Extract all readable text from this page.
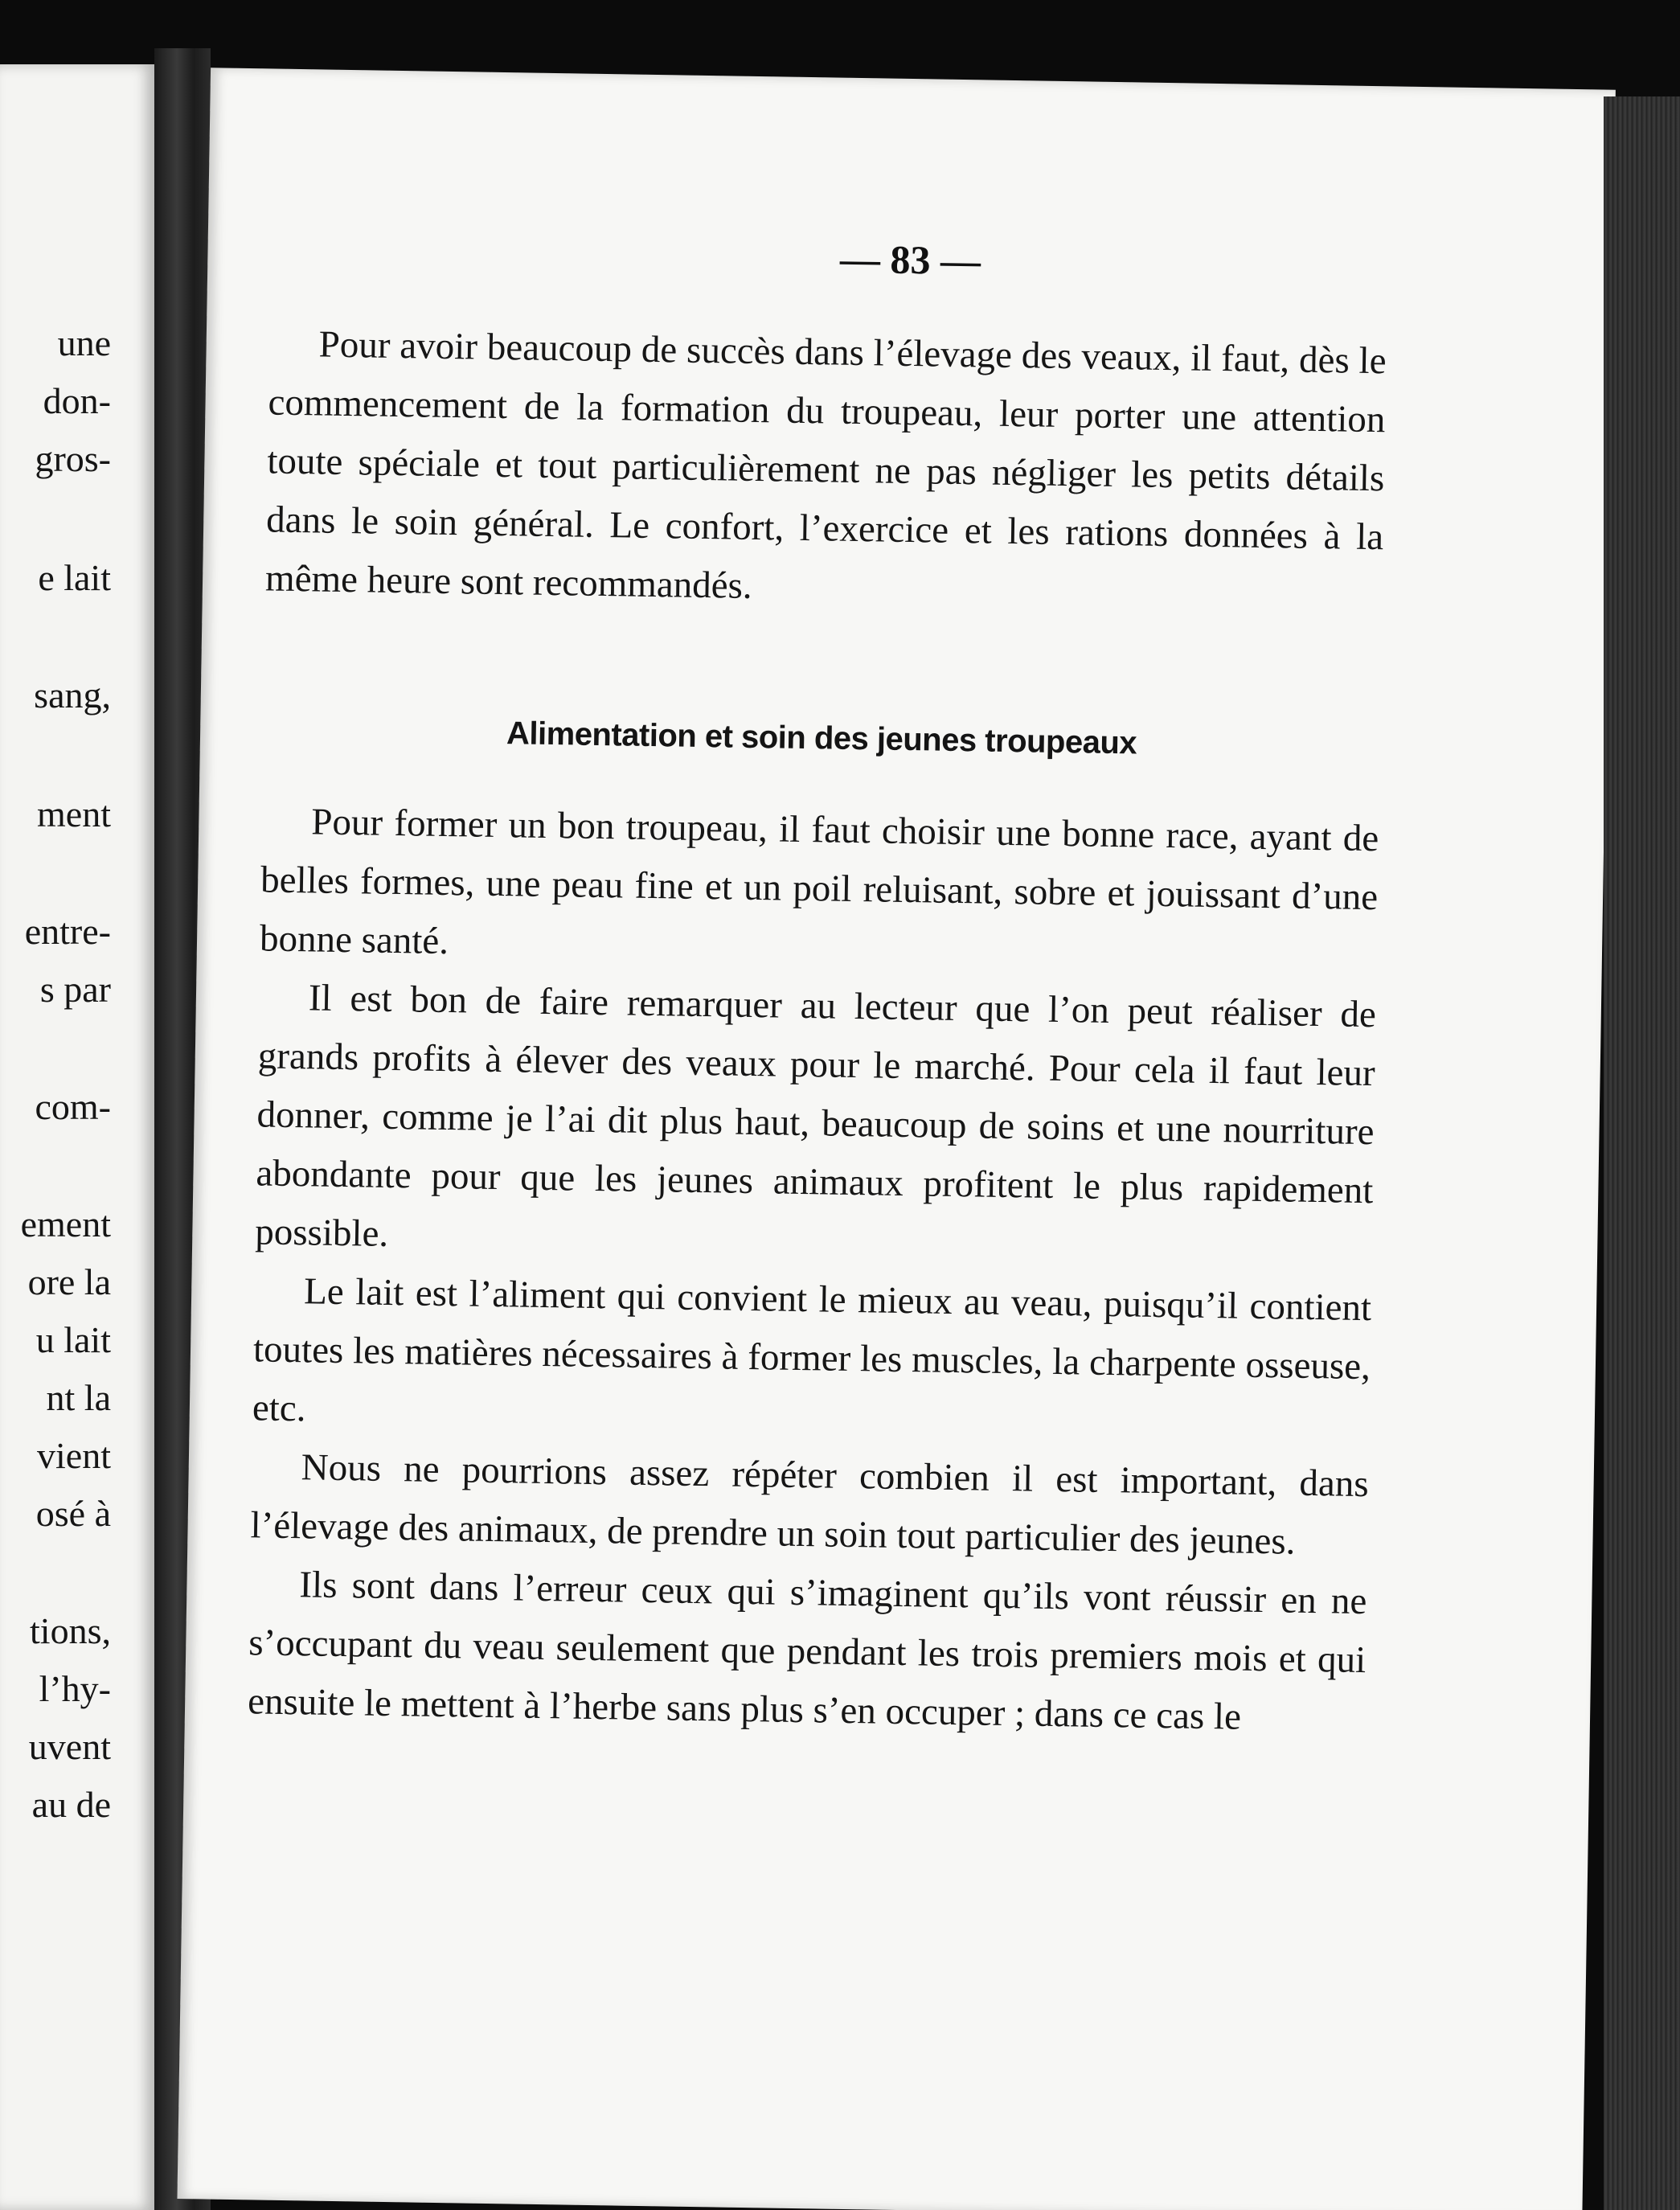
une
don-
gros-
e lait
sang,
ment
entre-
s par
com-
ement
ore la
u lait
nt la
vient
osé à
tions,
l’hy-
uvent
au de
— 83 —

Pour avoir beaucoup de succès dans l’élevage des veaux, il faut, dès le commencement de la formation du troupeau, leur porter une attention toute spéciale et tout particulièrement ne pas négliger les petits détails dans le soin général. Le confort, l’exercice et les rations données à la même heure sont recommandés.

Alimentation et soin des jeunes troupeaux

Pour former un bon troupeau, il faut choisir une bonne race, ayant de belles formes, une peau fine et un poil reluisant, sobre et jouissant d’une bonne santé.

Il est bon de faire remarquer au lecteur que l’on peut réaliser de grands profits à élever des veaux pour le marché. Pour cela il faut leur donner, comme je l’ai dit plus haut, beaucoup de soins et une nourriture abondante pour que les jeunes animaux profitent le plus rapidement possible.

Le lait est l’aliment qui convient le mieux au veau, puisqu’il contient toutes les matières nécessaires à former les muscles, la charpente osseuse, etc.

Nous ne pourrions assez répéter combien il est important, dans l’élevage des animaux, de prendre un soin tout particulier des jeunes.

Ils sont dans l’erreur ceux qui s’imaginent qu’ils vont réussir en ne s’occupant du veau seulement que pendant les trois premiers mois et qui ensuite le mettent à l’herbe sans plus s’en occuper ; dans ce cas le
